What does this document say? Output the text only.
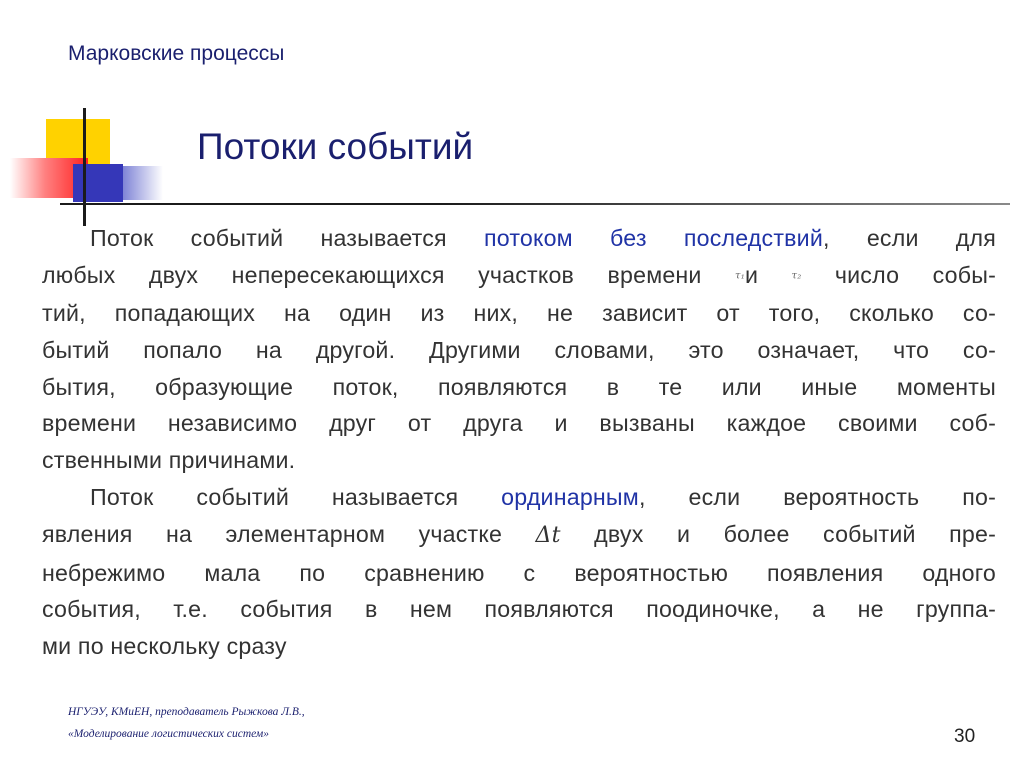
Марковские процессы
Потоки событий

Поток событий называется потоком без последствий, если для
любых двух непересекающихся участков времени τ₁и τ₂ число собы-
тий, попадающих на один из них, не зависит от того, сколько со-
бытий попало на другой. Другими словами, это означает, что со-
бытия, образующие поток, появляются в те или иные моменты
времени независимо друг от друга и вызваны каждое своими соб-
ственными причинами.

Поток событий называется ординарным, если вероятность по-
явления на элементарном участке Δt двух и более событий пре-
небрежимо мала по сравнению с вероятностью появления одного
события, т.е. события в нем появляются поодиночке, а не группа-
ми по нескольку сразу

НГУЭУ, КМиЕН, преподаватель Рыжкова Л.В.,
«Моделирование логистических систем»	30
